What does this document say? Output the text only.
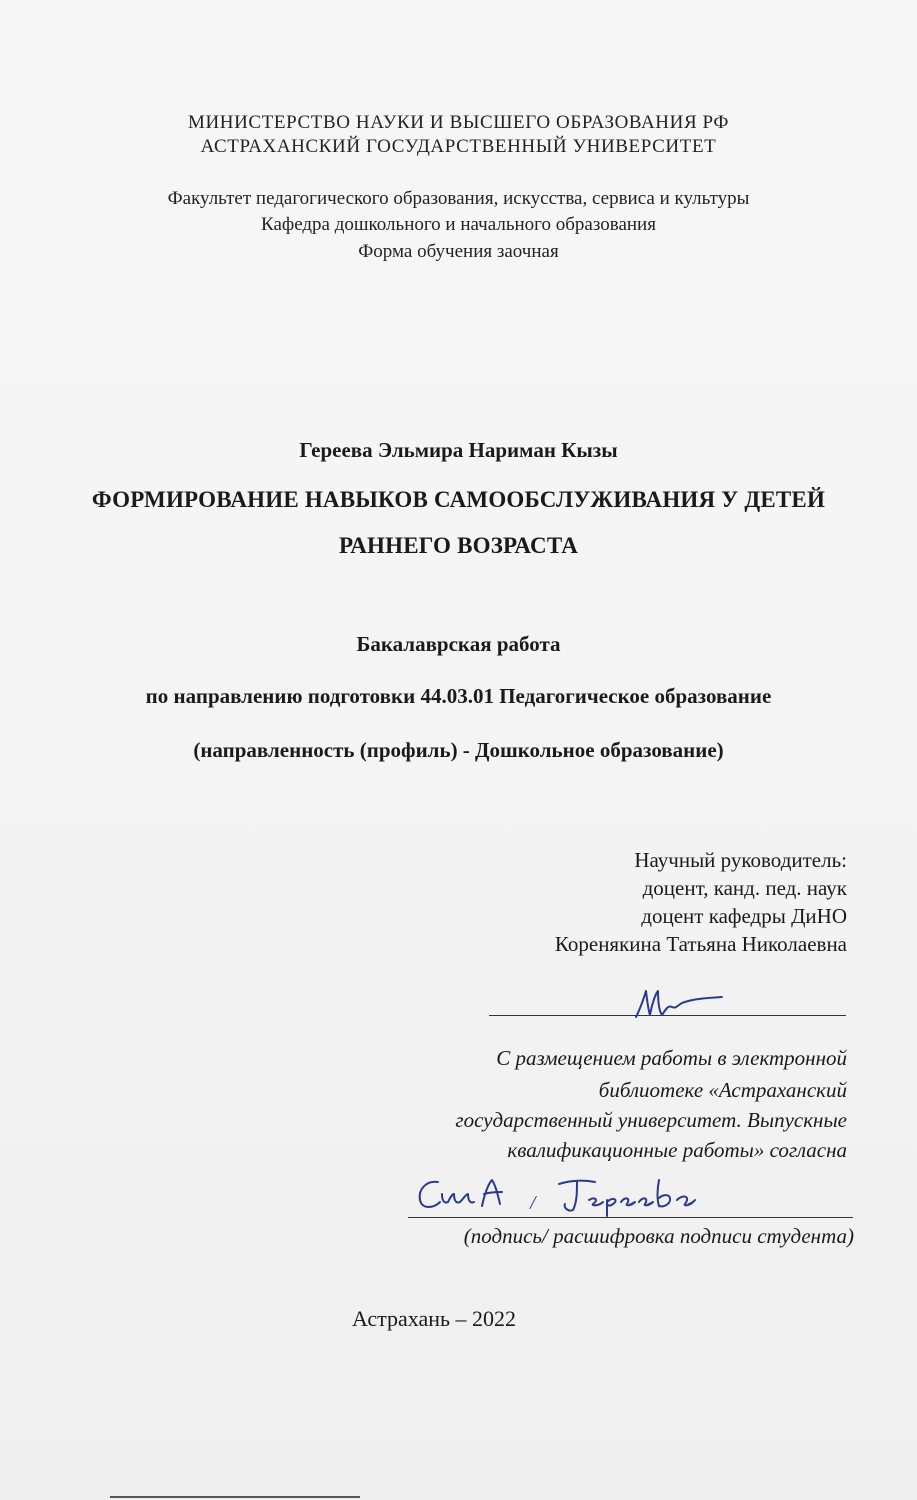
МИНИСТЕРСТВО НАУКИ И ВЫСШЕГО ОБРАЗОВАНИЯ РФ
АСТРАХАНСКИЙ ГОСУДАРСТВЕННЫЙ УНИВЕРСИТЕТ
Факультет педагогического образования, искусства, сервиса и культуры
Кафедра дошкольного и начального образования
Форма обучения заочная
Гереева Эльмира Нариман Кызы
ФОРМИРОВАНИЕ НАВЫКОВ САМООБСЛУЖИВАНИЯ У ДЕТЕЙ
РАННЕГО ВОЗРАСТА
Бакалаврская работа
по направлению подготовки 44.03.01 Педагогическое образование
(направленность (профиль) - Дошкольное образование)
Научный руководитель:
доцент, канд. пед. наук
доцент кафедры ДиНО
Коренякина Татьяна Николаевна
С размещением работы в электронной
библиотеке «Астраханский
государственный университет. Выпускные
квалификационные работы» согласна
/
(подпись/ расшифровка подписи студента)
Астрахань – 2022
